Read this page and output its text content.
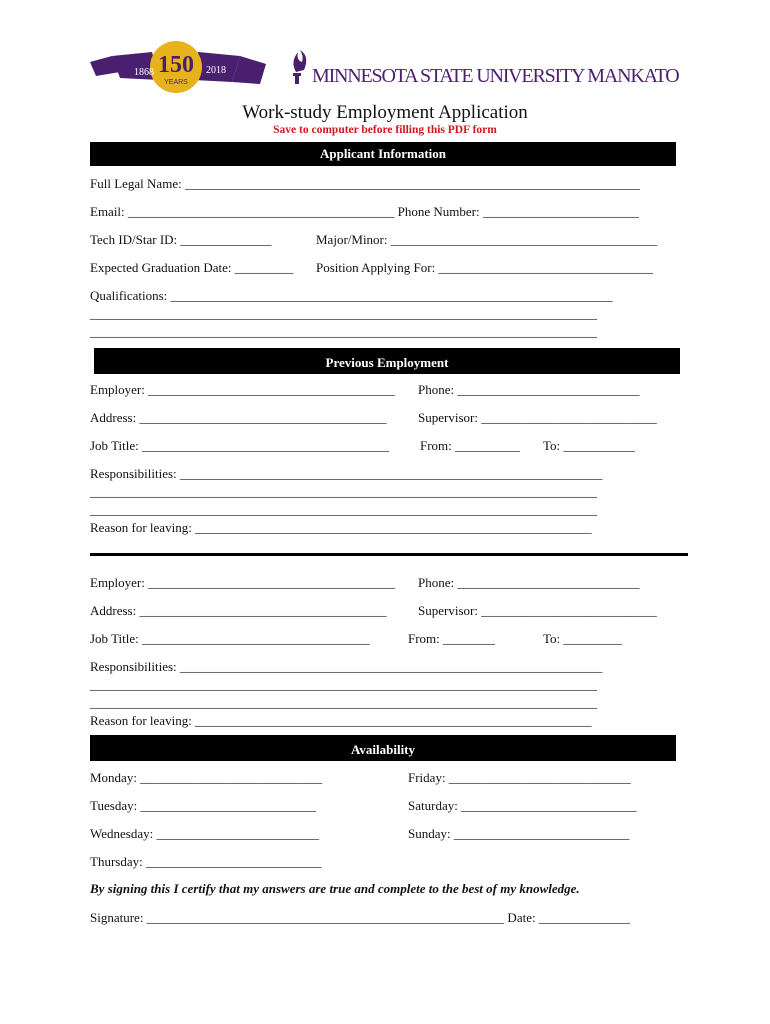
1868 150
YEARS
2018	MINNESOTA STATE UNIVERSITY MANKATO
Work-study Employment Application
Save to computer before filling this PDF form
Applicant Information
Full Legal Name: ______________________________________________________________________
Email: _________________________________________ Phone Number: ________________________
Tech ID/Star ID: ______________	Major/Minor: _________________________________________
Expected Graduation Date: _________ Position Applying For: _________________________________
Qualifications: ____________________________________________________________________
______________________________________________________________________________
______________________________________________________________________________
Previous Employment
Employer: ______________________________________ Phone: ____________________________
Address: ______________________________________ Supervisor: ___________________________
Job Title: ______________________________________ From: __________ To: ___________
Responsibilities: _________________________________________________________________
______________________________________________________________________________
______________________________________________________________________________
Reason for leaving: _____________________________________________________________
Employer: ______________________________________ Phone: ____________________________
Address: ______________________________________ Supervisor: ___________________________
Job Title: ___________________________________	From: ________	To: _________
Responsibilities: _________________________________________________________________
______________________________________________________________________________
______________________________________________________________________________
Reason for leaving: _____________________________________________________________
Availability
Monday: ____________________________	Friday: ____________________________
Tuesday: ___________________________	Saturday: ___________________________
Wednesday: _________________________	Sunday: ___________________________
Thursday: ___________________________
By signing this I certify that my answers are true and complete to the best of my knowledge.
Signature: _______________________________________________________ Date: ______________
